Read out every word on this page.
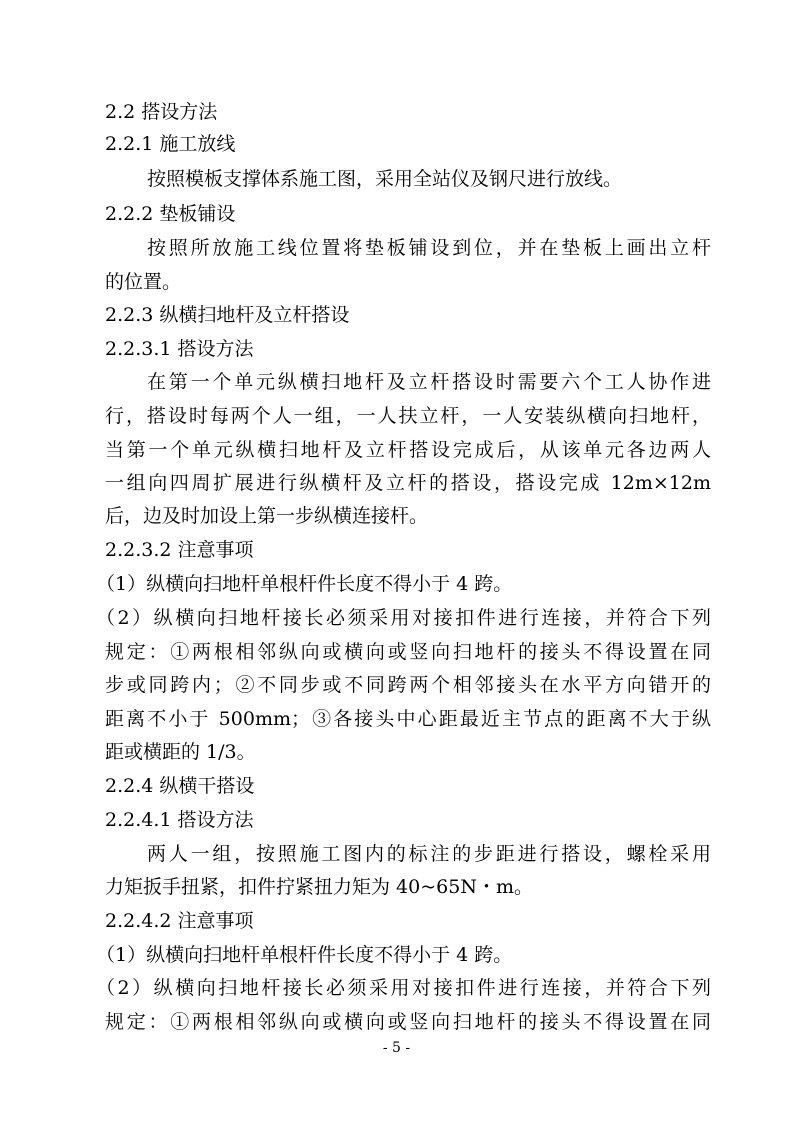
2.2 搭设方法
2.2.1 施工放线
按照模板支撑体系施工图，采用全站仪及钢尺进行放线。
2.2.2 垫板铺设
按照所放施工线位置将垫板铺设到位，并在垫板上画出立杆
的位置。
2.2.3 纵横扫地杆及立杆搭设
2.2.3.1 搭设方法
在第一个单元纵横扫地杆及立杆搭设时需要六个工人协作进
行，搭设时每两个人一组，一人扶立杆，一人安装纵横向扫地杆，
当第一个单元纵横扫地杆及立杆搭设完成后，从该单元各边两人
一组向四周扩展进行纵横杆及立杆的搭设，搭设完成 12m×12m
后，边及时加设上第一步纵横连接杆。
2.2.3.2 注意事项
（1）纵横向扫地杆单根杆件长度不得小于 4 跨。
（2）纵横向扫地杆接长必须采用对接扣件进行连接，并符合下列
规定：①两根相邻纵向或横向或竖向扫地杆的接头不得设置在同
步或同跨内；②不同步或不同跨两个相邻接头在水平方向错开的
距离不小于 500mm；③各接头中心距最近主节点的距离不大于纵
距或横距的 1/3。
2.2.4 纵横干搭设
2.2.4.1 搭设方法
两人一组，按照施工图内的标注的步距进行搭设，螺栓采用
力矩扳手扭紧，扣件拧紧扭力矩为 40~65N・m。
2.2.4.2 注意事项
（1）纵横向扫地杆单根杆件长度不得小于 4 跨。
（2）纵横向扫地杆接长必须采用对接扣件进行连接，并符合下列
规定：①两根相邻纵向或横向或竖向扫地杆的接头不得设置在同
- 5 -
